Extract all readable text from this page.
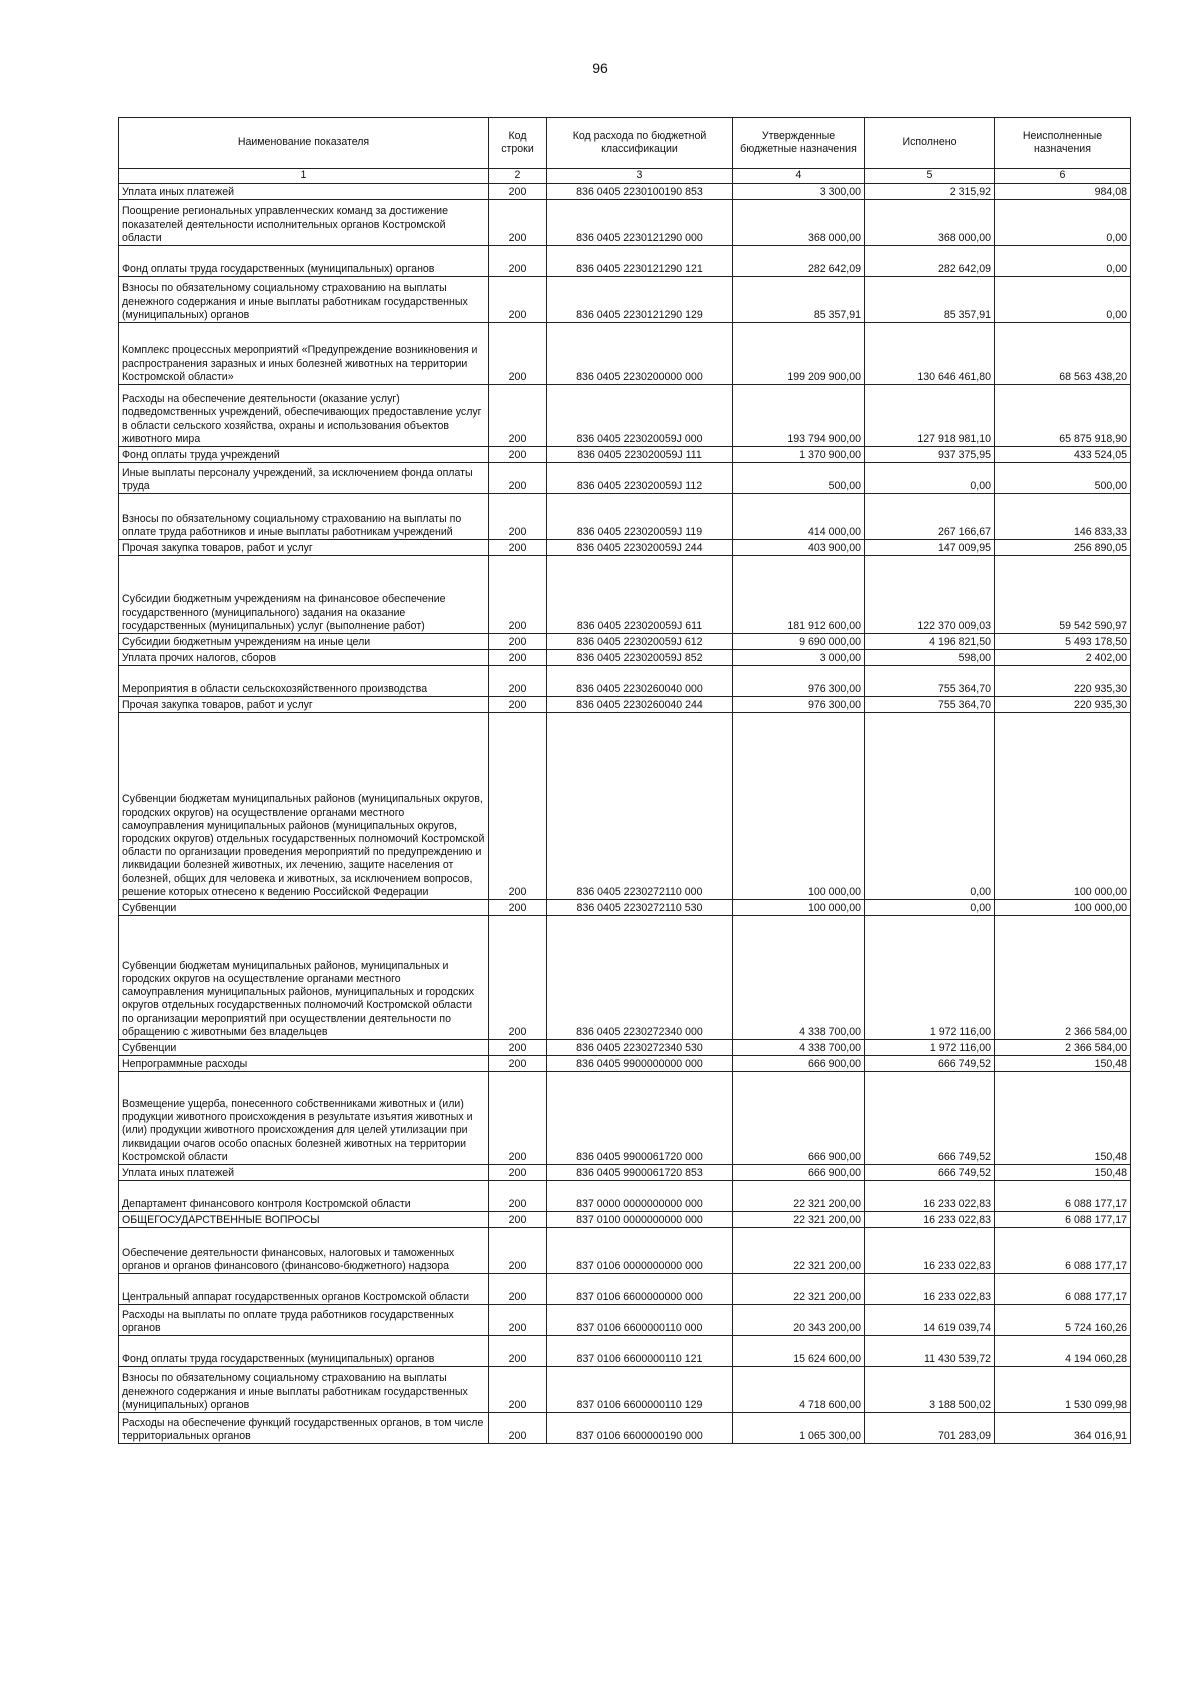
96
Наименование показателя	Код строки	Код расхода по бюджетной классификации	Утвержденные бюджетные назначения	Исполнено	Неисполненные назначения
1	2	3	4	5	6
Уплата иных платежей	200	836 0405 2230100190 853	3 300,00	2 315,92	984,08
Поощрение региональных управленческих команд за достижение показателей деятельности исполнительных органов Костромской области	200	836 0405 2230121290 000	368 000,00	368 000,00	0,00
Фонд оплаты труда государственных (муниципальных) органов	200	836 0405 2230121290 121	282 642,09	282 642,09	0,00
Взносы по обязательному социальному страхованию на выплаты денежного содержания и иные выплаты работникам государственных (муниципальных) органов	200	836 0405 2230121290 129	85 357,91	85 357,91	0,00
Комплекс процессных мероприятий «Предупреждение возникновения и распространения заразных и иных болезней животных на территории Костромской области»	200	836 0405 2230200000 000	199 209 900,00	130 646 461,80	68 563 438,20
Расходы на обеспечение деятельности (оказание услуг) подведомственных учреждений, обеспечивающих предоставление услуг в области сельского хозяйства, охраны и использования объектов животного мира	200	836 0405 223020059J 000	193 794 900,00	127 918 981,10	65 875 918,90
Фонд оплаты труда учреждений	200	836 0405 223020059J 111	1 370 900,00	937 375,95	433 524,05
Иные выплаты персоналу учреждений, за исключением фонда оплаты труда	200	836 0405 223020059J 112	500,00	0,00	500,00
Взносы по обязательному социальному страхованию на выплаты по оплате труда работников и иные выплаты работникам учреждений	200	836 0405 223020059J 119	414 000,00	267 166,67	146 833,33
Прочая закупка товаров, работ и услуг	200	836 0405 223020059J 244	403 900,00	147 009,95	256 890,05
Субсидии бюджетным учреждениям на финансовое обеспечение государственного (муниципального) задания на оказание государственных (муниципальных) услуг (выполнение работ)	200	836 0405 223020059J 611	181 912 600,00	122 370 009,03	59 542 590,97
Субсидии бюджетным учреждениям на иные цели	200	836 0405 223020059J 612	9 690 000,00	4 196 821,50	5 493 178,50
Уплата прочих налогов, сборов	200	836 0405 223020059J 852	3 000,00	598,00	2 402,00
Мероприятия в области сельскохозяйственного производства	200	836 0405 2230260040 000	976 300,00	755 364,70	220 935,30
Прочая закупка товаров, работ и услуг	200	836 0405 2230260040 244	976 300,00	755 364,70	220 935,30
Субвенции бюджетам муниципальных районов (муниципальных округов, городских округов) на осуществление органами местного самоуправления муниципальных районов (муниципальных округов, городских округов) отдельных государственных полномочий Костромской области по организации проведения мероприятий по предупреждению и ликвидации болезней животных, их лечению, защите населения от болезней, общих для человека и животных, за исключением вопросов, решение которых отнесено к ведению Российской Федерации	200	836 0405 2230272110 000	100 000,00	0,00	100 000,00
Субвенции	200	836 0405 2230272110 530	100 000,00	0,00	100 000,00
Субвенции бюджетам муниципальных районов, муниципальных и городских округов на осуществление органами местного самоуправления муниципальных районов, муниципальных и городских округов отдельных государственных полномочий Костромской области по организации мероприятий при осуществлении деятельности по обращению с животными без владельцев	200	836 0405 2230272340 000	4 338 700,00	1 972 116,00	2 366 584,00
Субвенции	200	836 0405 2230272340 530	4 338 700,00	1 972 116,00	2 366 584,00
Непрограммные расходы	200	836 0405 9900000000 000	666 900,00	666 749,52	150,48
Возмещение ущерба, понесенного собственниками животных и (или) продукции животного происхождения в результате изъятия животных и (или) продукции животного происхождения для целей утилизации при ликвидации очагов особо опасных болезней животных на территории Костромской области	200	836 0405 9900061720 000	666 900,00	666 749,52	150,48
Уплата иных платежей	200	836 0405 9900061720 853	666 900,00	666 749,52	150,48
Департамент финансового контроля Костромской области	200	837 0000 0000000000 000	22 321 200,00	16 233 022,83	6 088 177,17
ОБЩЕГОСУДАРСТВЕННЫЕ ВОПРОСЫ	200	837 0100 0000000000 000	22 321 200,00	16 233 022,83	6 088 177,17
Обеспечение деятельности финансовых, налоговых и таможенных органов и органов финансового (финансово-бюджетного) надзора	200	837 0106 0000000000 000	22 321 200,00	16 233 022,83	6 088 177,17
Центральный аппарат государственных органов Костромской области	200	837 0106 6600000000 000	22 321 200,00	16 233 022,83	6 088 177,17
Расходы на выплаты по оплате труда работников государственных органов	200	837 0106 6600000110 000	20 343 200,00	14 619 039,74	5 724 160,26
Фонд оплаты труда государственных (муниципальных) органов	200	837 0106 6600000110 121	15 624 600,00	11 430 539,72	4 194 060,28
Взносы по обязательному социальному страхованию на выплаты денежного содержания и иные выплаты работникам государственных (муниципальных) органов	200	837 0106 6600000110 129	4 718 600,00	3 188 500,02	1 530 099,98
Расходы на обеспечение функций государственных органов, в том числе территориальных органов	200	837 0106 6600000190 000	1 065 300,00	701 283,09	364 016,91
